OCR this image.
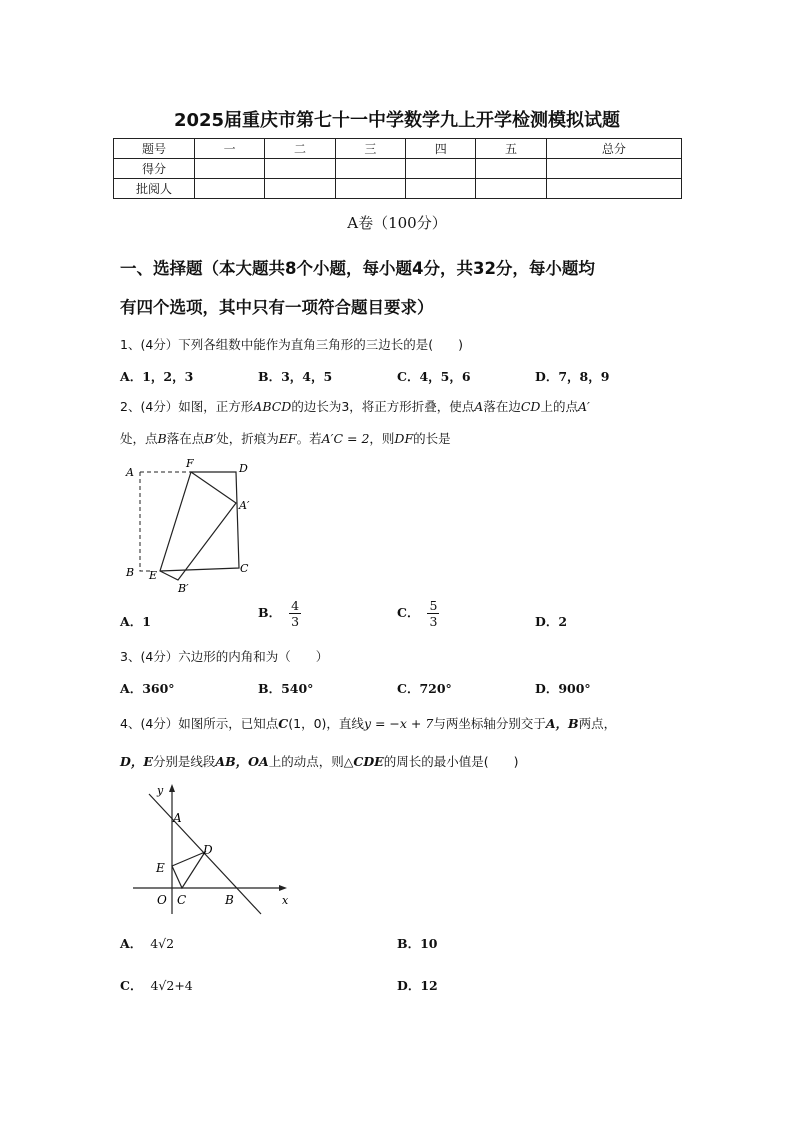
2025届重庆市第七十一中学数学九上开学检测模拟试题
题号	一	二	三	四	五	总分
得分						
批阅人						
A卷（100分）
一、选择题（本大题共8个小题，每小题4分，共32分，每小题均
有四个选项，其中只有一项符合题目要求）
1、(4分）下列各组数中能作为直角三角形的三边长的是(　　)
A．1，2，3	B．3，4，5	C．4，5，6	D．7，8，9
2、(4分）如图，正方形ABCD的边长为3，将正方形折叠，使点A落在边CD上的点A′
处，点B落在点B′处，折痕为EF。若A′C = 2，则DF的长是
A
F	D
A′
B E
C
B′
A．1
B． $\frac{4}{3}$	C． $\frac{5}{3}$	D．2
3、(4分）六边形的内角和为（　　）
A．360°	B．540°	C．720°	D．900°
4、(4分）如图所示，已知点C(1，0)，直线y = −x + 7与两坐标轴分别交于A，B两点，
D，E分别是线段AB，OA上的动点，则△CDE的周长的最小值是(　　)
y
x
A
E
D
O C	B
A． 4√2	B．10
C． 4√2+4	D．12
